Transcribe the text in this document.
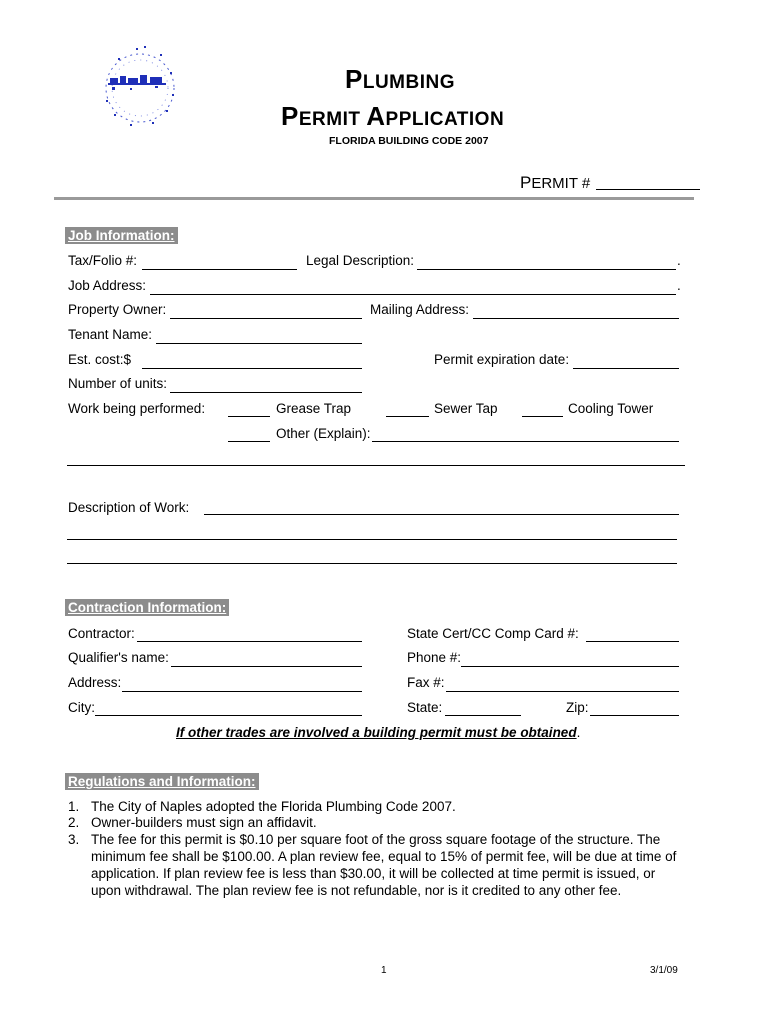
PLUMBING
PERMIT APPLICATION
FLORIDA BUILDING CODE 2007
PERMIT #
Job Information:
Tax/Folio #:	Legal Description:	.
Job Address:	.
Property Owner:	Mailing Address:
Tenant Name:
Est. cost:$	Permit expiration date:
Number of units:
Work being performed:	Grease Trap	Sewer Tap	Cooling Tower
Other (Explain):
Description of Work:
Contraction Information:
Contractor:	State Cert/CC Comp Card #:
Qualifier's name:	Phone #:
Address:	Fax #:
City:	State:	Zip:
If other trades are involved a building permit must be obtained.
Regulations and Information:
1. The City of Naples adopted the Florida Plumbing Code 2007.
2. Owner-builders must sign an affidavit.
3. The fee for this permit is $0.10 per square foot of the gross square footage of the structure. The
minimum fee shall be $100.00. A plan review fee, equal to 15% of permit fee, will be due at time of
application. If plan review fee is less than $30.00, it will be collected at time permit is issued, or
upon withdrawal. The plan review fee is not refundable, nor is it credited to any other fee.
1	3/1/09
